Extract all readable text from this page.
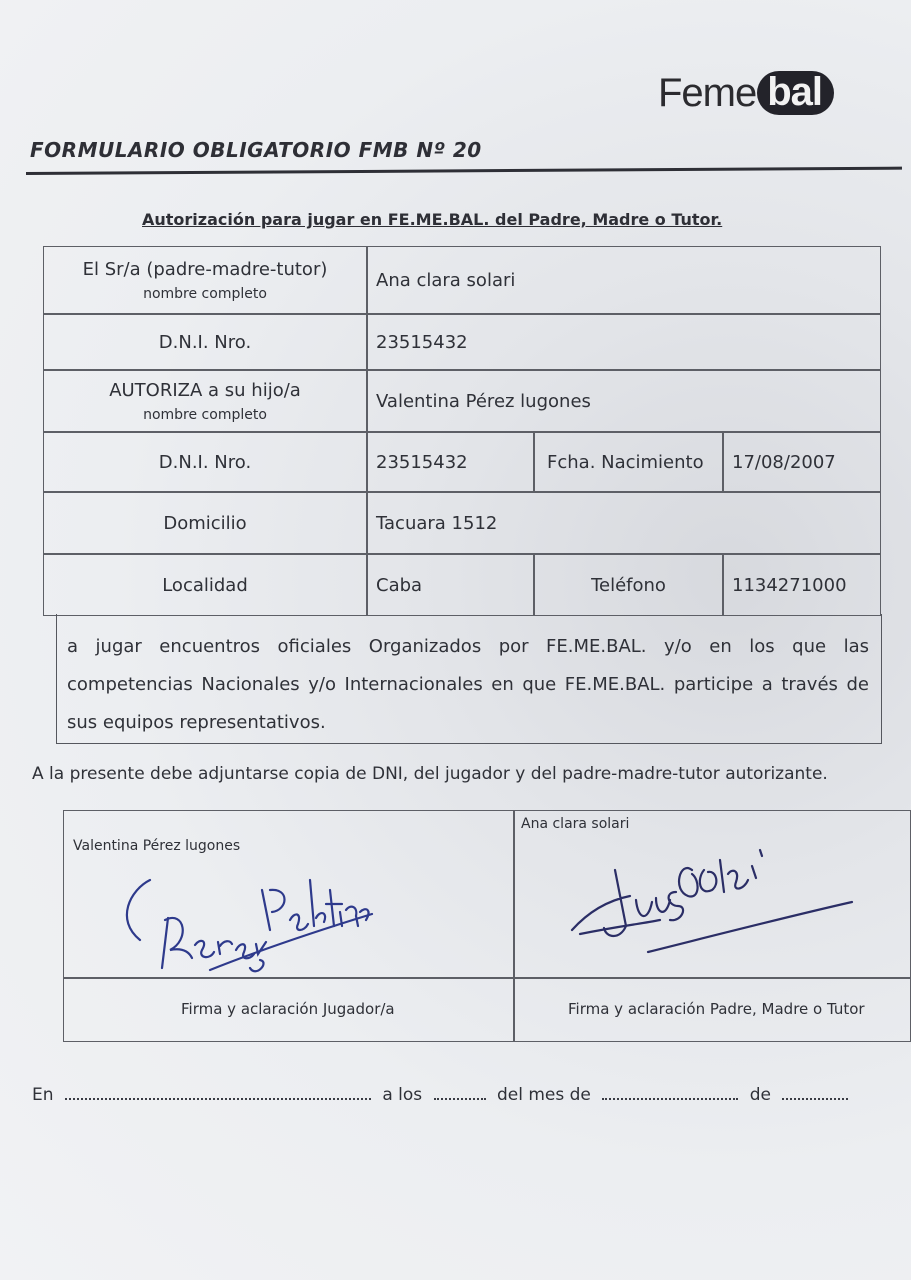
Feme bal
FORMULARIO OBLIGATORIO FMB Nº 20
Autorización para jugar en FE.ME.BAL. del Padre, Madre o Tutor.
El Sr/a (padre-madre-tutor)
nombre completo
Ana clara solari
D.N.I. Nro.	23515432
AUTORIZA a su hijo/a
nombre completo
Valentina Pérez lugones
D.N.I. Nro.	23515432	Fcha. Nacimiento 17/08/2007
Domicilio	Tacuara 1512
Localidad	Caba	Teléfono	1134271000
a jugar encuentros oficiales Organizados por FE.ME.BAL. y/o en los que las competencias Nacionales y/o Internacionales en que FE.ME.BAL. participe a través de sus equipos representativos.
A la presente debe adjuntarse copia de DNI, del jugador y del padre-madre-tutor autorizante.
Valentina Pérez lugones
Ana clara solari
Firma y aclaración Jugador/a	Firma y aclaración Padre, Madre o Tutor
En	a los	del mes de	de
